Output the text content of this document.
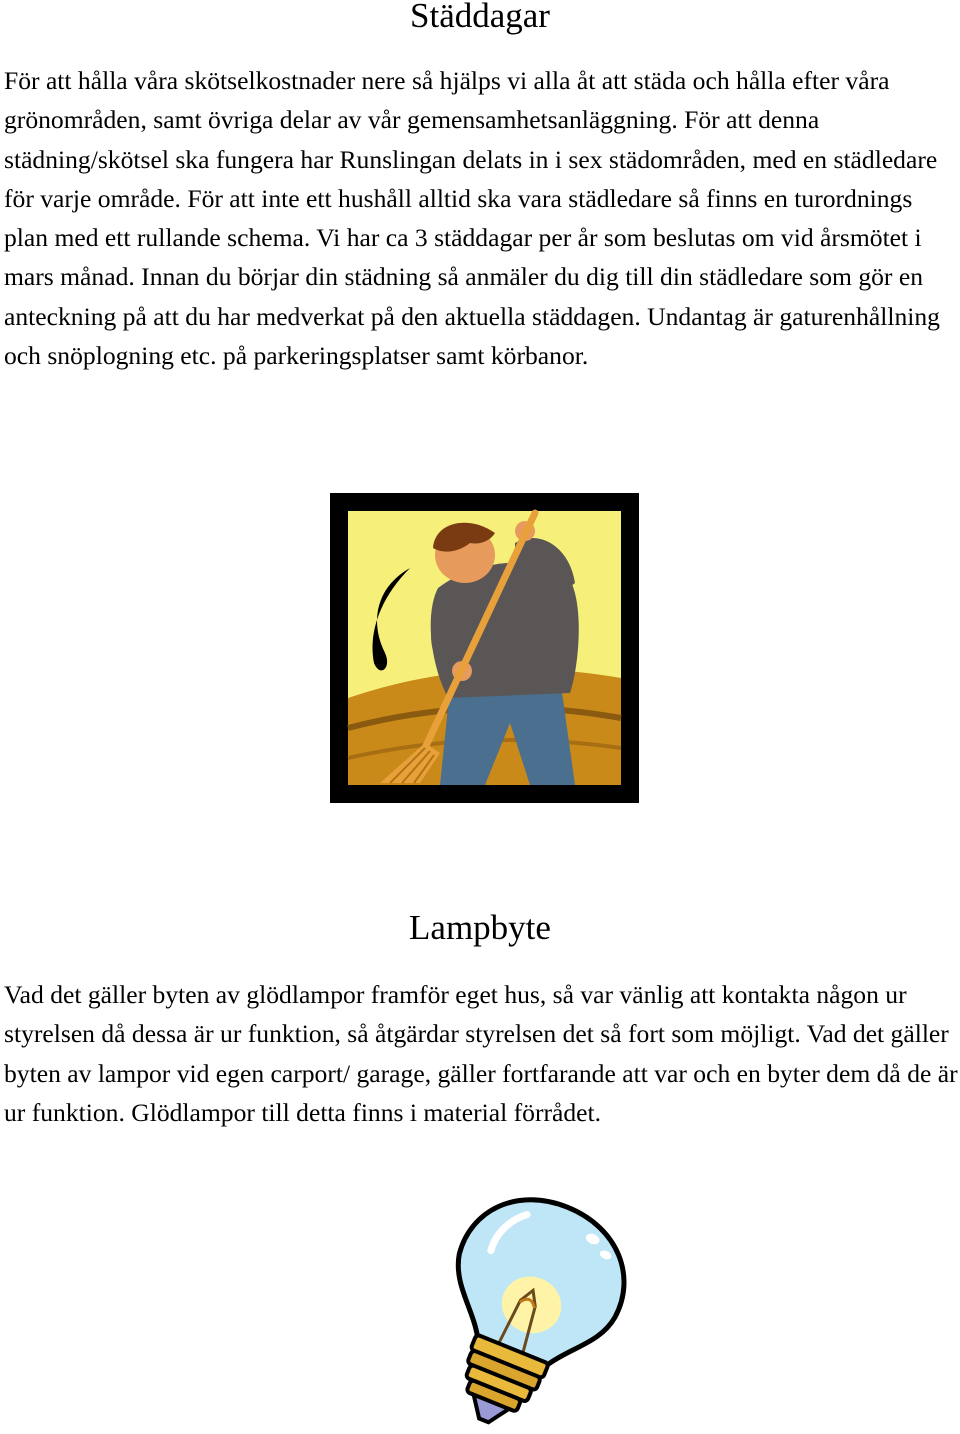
Städdagar

För att hålla våra skötselkostnader nere så hjälps vi alla åt att städa och hålla efter våra grönområden, samt övriga delar av vår gemensamhetsanläggning. För att denna städning/skötsel ska fungera har Runslingan delats in i sex städområden, med en städledare för varje område. För att inte ett hushåll alltid ska vara städledare så finns en turordnings plan med ett rullande schema. Vi har ca 3 städdagar per år som beslutas om vid årsmötet i mars månad. Innan du börjar din städning så anmäler du dig till din städledare som gör en anteckning på att du har medverkat på den aktuella städdagen. Undantag är gaturenhållning och snöplogning etc. på parkeringsplatser samt körbanor.

Lampbyte

Vad det gäller byten av glödlampor framför eget hus, så var vänlig att kontakta någon ur styrelsen då dessa är ur funktion, så åtgärdar styrelsen det så fort som möjligt. Vad det gäller byten av lampor vid egen carport/ garage, gäller fortfarande att var och en byter dem då de är ur funktion. Glödlampor till detta finns i material förrådet.
